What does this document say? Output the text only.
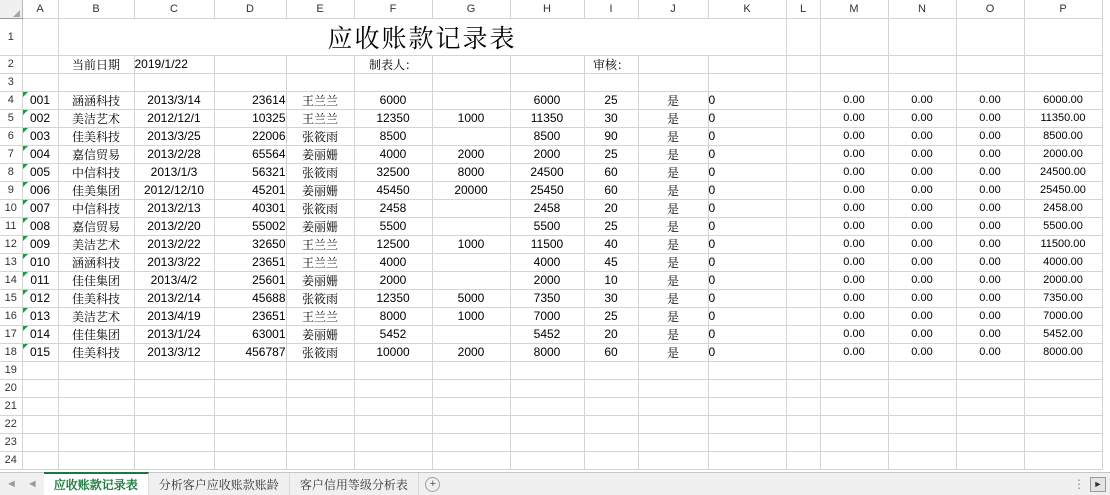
	A	B	C	D	E	F	G	H	I	J	K	L	M	N	O	P
1		应收账款记录表														
2		当前日期	2019/1/22			制表人：			审核：							
3	序号	公司名称	开票日期	发票号码	经办人	应收金额	已收金额	未收金额	付款期	是否到期	未到期金额		0-30	30-60	60-90	90天以上
4	001	涵涵科技	2013/3/14	23614	王兰兰	6000		6000	25	是	0		0.00	0.00	0.00	6000.00
5	002	美洁艺术	2012/12/1	10325	王兰兰	12350	1000	11350	30	是	0		0.00	0.00	0.00	11350.00
6	003	佳美科技	2013/3/25	22006	张筱雨	8500		8500	90	是	0		0.00	0.00	0.00	8500.00
7	004	嘉信贸易	2013/2/28	65564	姜丽姗	4000	2000	2000	25	是	0		0.00	0.00	0.00	2000.00
8	005	中信科技	2013/1/3	56321	张筱雨	32500	8000	24500	60	是	0		0.00	0.00	0.00	24500.00
9	006	佳美集团	2012/12/10	45201	姜丽姗	45450	20000	25450	60	是	0		0.00	0.00	0.00	25450.00
10	007	中信科技	2013/2/13	40301	张筱雨	2458		2458	20	是	0		0.00	0.00	0.00	2458.00
11	008	嘉信贸易	2013/2/20	55002	姜丽姗	5500		5500	25	是	0		0.00	0.00	0.00	5500.00
12	009	美洁艺术	2013/2/22	32650	王兰兰	12500	1000	11500	40	是	0		0.00	0.00	0.00	11500.00
13	010	涵涵科技	2013/3/22	23651	王兰兰	4000		4000	45	是	0		0.00	0.00	0.00	4000.00
14	011	佳佳集团	2013/4/2	25601	姜丽姗	2000		2000	10	是	0		0.00	0.00	0.00	2000.00
15	012	佳美科技	2013/2/14	45688	张筱雨	12350	5000	7350	30	是	0		0.00	0.00	0.00	7350.00
16	013	美洁艺术	2013/4/19	23651	王兰兰	8000	1000	7000	25	是	0		0.00	0.00	0.00	7000.00
17	014	佳佳集团	2013/1/24	63001	姜丽姗	5452		5452	20	是	0		0.00	0.00	0.00	5452.00
18	015	佳美科技	2013/3/12	456787	张筱雨	10000	2000	8000	60	是	0		0.00	0.00	0.00	8000.00
19																
20																
21																
22																
23																
24																
◄ ◄	应收账款记录表	分析客户应收账款账龄	客户信用等级分析表	+	⋮ ►
